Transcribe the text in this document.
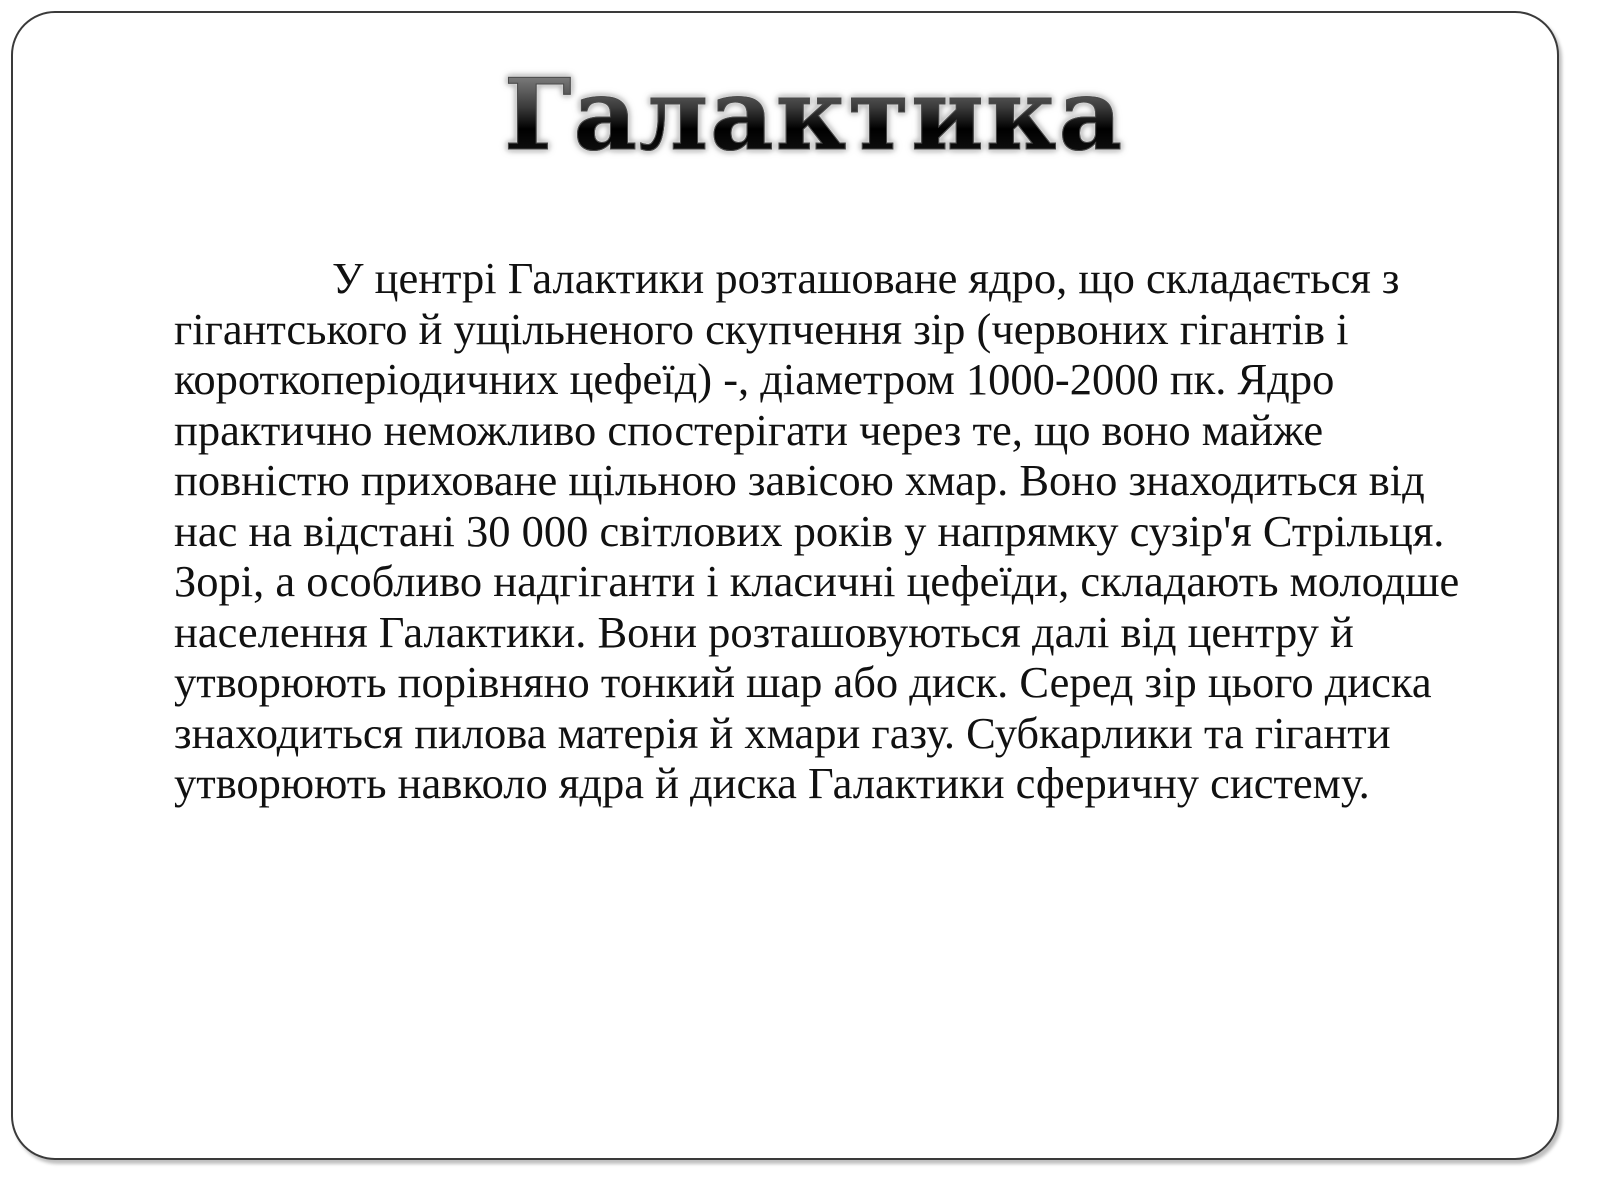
Галактика

У центрі Галактики розташоване ядро, що складається з гігантського й ущільненого скупчення зір (червоних гігантів і короткоперіодичних цефеїд) -, діаметром 1000-2000 пк. Ядро практично неможливо спостерігати через те, що воно майже повністю приховане щільною завісою хмар. Воно знаходиться від нас на відстані 30 000 світлових років у напрямку сузір'я Стрільця. Зорі, а особливо надгіганти і класичні цефеїди, складають молодше населення Галактики. Вони розташовуються далі від центру й утворюють порівняно тонкий шар або диск. Серед зір цього диска знаходиться пилова матерія й хмари газу. Субкарлики та гіганти утворюють навколо ядра й диска Галактики сферичну систему.
